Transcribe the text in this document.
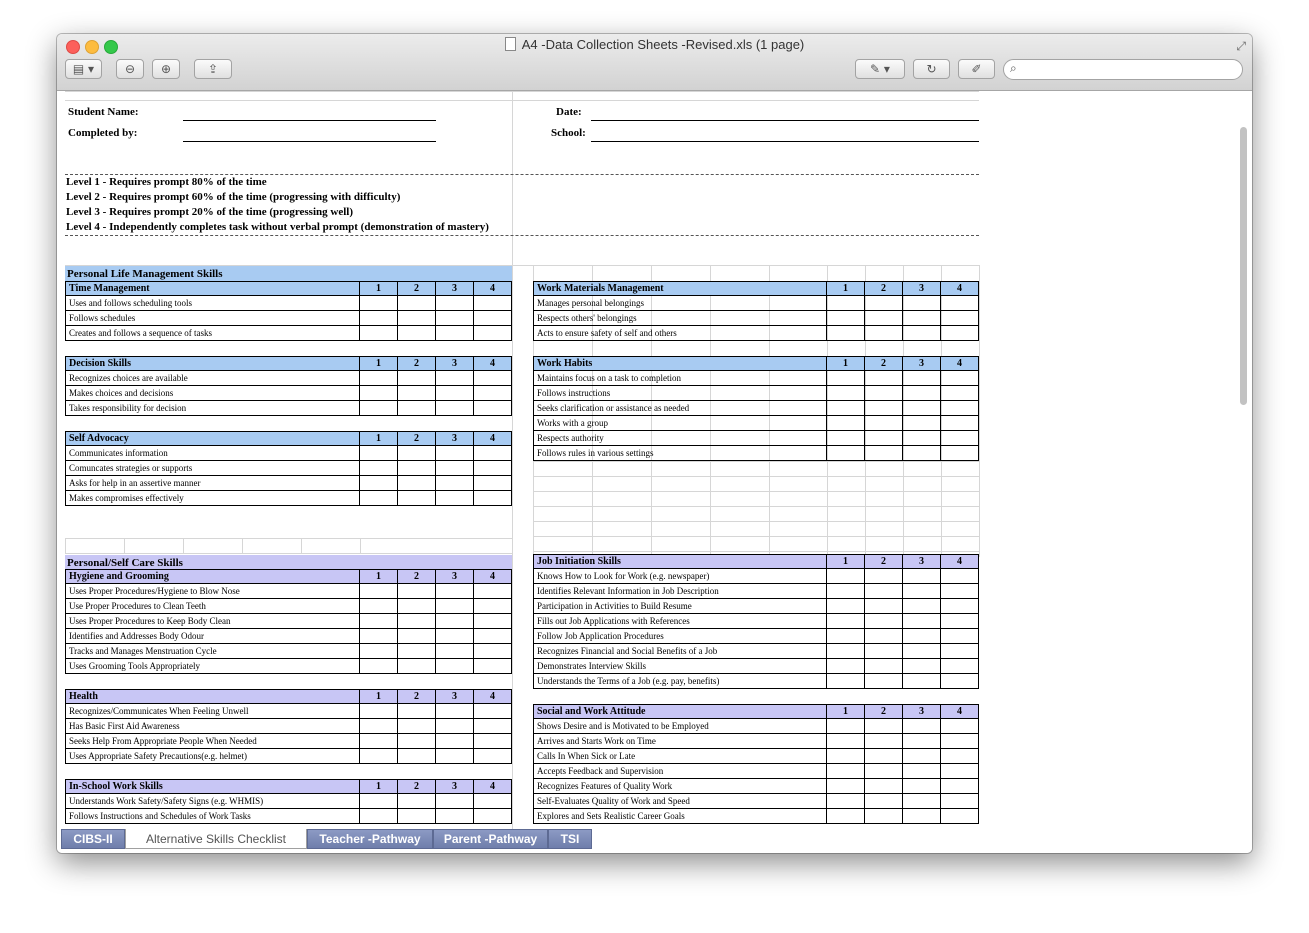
A4 -Data Collection Sheets -Revised.xls (1 page)	⤢
▤ ▾	⊖ ⊕	⇪	✎ ▾	↻	✐ ⌕
Student Name:	Date:
Completed by:	School:
Level 1 - Requires prompt 80% of the time
Level 2 - Requires prompt 60% of the time (progressing with difficulty)
Level 3 - Requires prompt 20% of the time (progressing well)
Level 4 - Independently completes task without verbal prompt (demonstration of mastery)
Personal Life Management Skills
Personal/Self Care Skills
Time Management	1	2	3	4
Uses and follows scheduling tools
Follows schedules
Creates and follows a sequence of tasks
Decision Skills	1	2	3	4
Recognizes choices are available
Makes choices and decisions
Takes responsibility for decision
Self Advocacy	1	2	3	4
Communicates information
Comuncates strategies or supports
Asks for help in an assertive manner
Makes compromises effectively
Work Materials Management	1	2	3	4
Manages personal belongings
Respects others' belongings
Acts to ensure safety of self and others
Work Habits	1	2	3	4
Maintains focus on a task to completion
Follows instructions
Seeks clarification or assistance as needed
Works with a group
Respects authority
Follows rules in various settings
Hygiene and Grooming	1	2	3	4
Uses Proper Procedures/Hygiene to Blow Nose
Use Proper Procedures to Clean Teeth
Uses Proper Procedures to Keep Body Clean
Identifies and Addresses Body Odour
Tracks and Manages Menstruation Cycle
Uses Grooming Tools Appropriately
Health	1	2	3	4
Recognizes/Communicates When Feeling Unwell
Has Basic First Aid Awareness
Seeks Help From Appropriate People When Needed
Uses Appropriate Safety Precautions(e.g. helmet)
In-School Work Skills	1	2	3	4
Understands Work Safety/Safety Signs (e.g. WHMIS)
Follows Instructions and Schedules of Work Tasks
Job Initiation Skills	1	2	3	4
Knows How to Look for Work (e.g. newspaper)
Identifies Relevant Information in Job Description
Participation in Activities to Build Resume
Fills out Job Applications with References
Follow Job Application Procedures
Recognizes Financial and Social Benefits of a Job
Demonstrates Interview Skills
Understands the Terms of a Job (e.g. pay, benefits)
Social and Work Attitude	1	2	3	4
Shows Desire and is Motivated to be Employed
Arrives and Starts Work on Time
Calls In When Sick or Late
Accepts Feedback and Supervision
Recognizes Features of Quality Work
Self-Evaluates Quality of Work and Speed
Explores and Sets Realistic Career Goals
CIBS-II	Alternative Skills Checklist	Teacher -Pathway	Parent -Pathway	TSI
